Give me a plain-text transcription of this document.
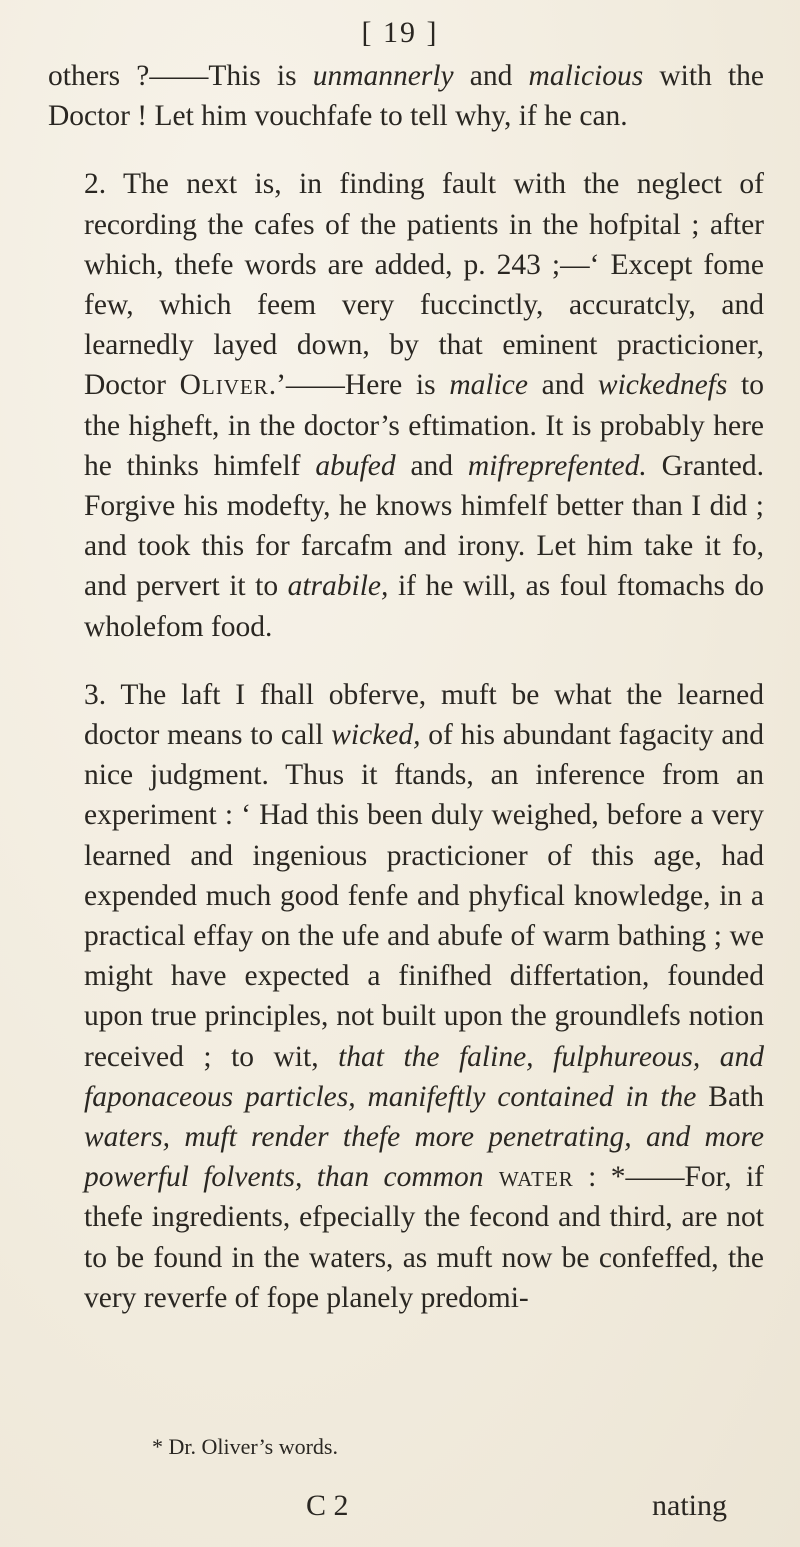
[ 19 ]

others ?——This is unmannerly and malicious with the Doctor ! Let him vouchfafe to tell why, if he can.

2. The next is, in finding fault with the neglect of recording the cafes of the patients in the hofpital ; after which, thefe words are added, p. 243 ;—‘ Except fome few, which feem very fuccinctly, accuratcly, and learnedly layed down, by that eminent practicioner, Doctor Oliver.’——Here is malice and wickednefs to the higheft, in the doctor’s eftimation. It is probably here he thinks himfelf abufed and mifreprefented. Granted. Forgive his modefty, he knows himfelf better than I did ; and took this for farcafm and irony. Let him take it fo, and pervert it to atrabile, if he will, as foul ftomachs do wholefom food.

3. The laft I fhall obferve, muft be what the learned doctor means to call wicked, of his abundant fagacity and nice judgment. Thus it ftands, an inference from an experiment : ‘ Had this been duly weighed, before a very learned and ingenious practicioner of this age, had expended much good fenfe and phyfical knowledge, in a practical effay on the ufe and abufe of warm bathing ; we might have expected a finifhed differtation, founded upon true principles, not built upon the groundlefs notion received ; to wit, that the faline, fulphureous, and faponaceous particles, manifeftly contained in the Bath waters, muft render thefe more penetrating, and more powerful folvents, than common water : *——For, if thefe ingredients, efpecially the fecond and third, are not to be found in the waters, as muft now be confeffed, the very reverfe of fope planely predomi-

* Dr. Oliver’s words.
C 2	nating
